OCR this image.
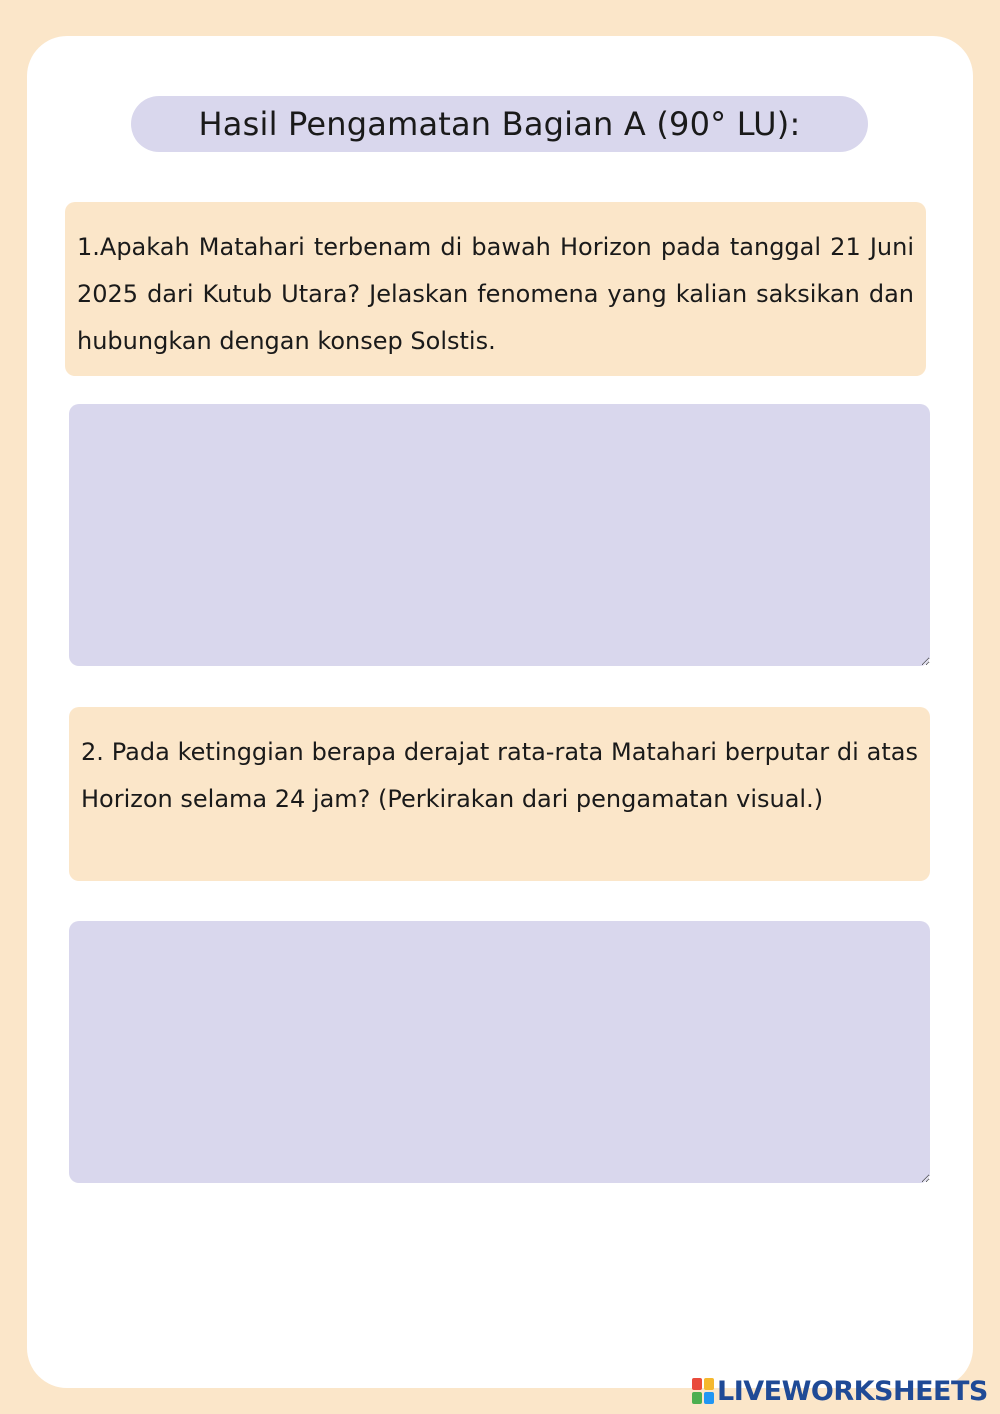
Hasil Pengamatan Bagian A (90° LU):

1.Apakah Matahari terbenam di bawah Horizon pada tanggal 21 Juni 2025 dari Kutub Utara? Jelaskan fenomena yang kalian saksikan dan hubungkan dengan konsep Solstis.

2. Pada ketinggian berapa derajat rata-rata Matahari berputar di atas Horizon selama 24 jam? (Perkirakan dari pengamatan visual.)

LIVEWORKSHEETS
